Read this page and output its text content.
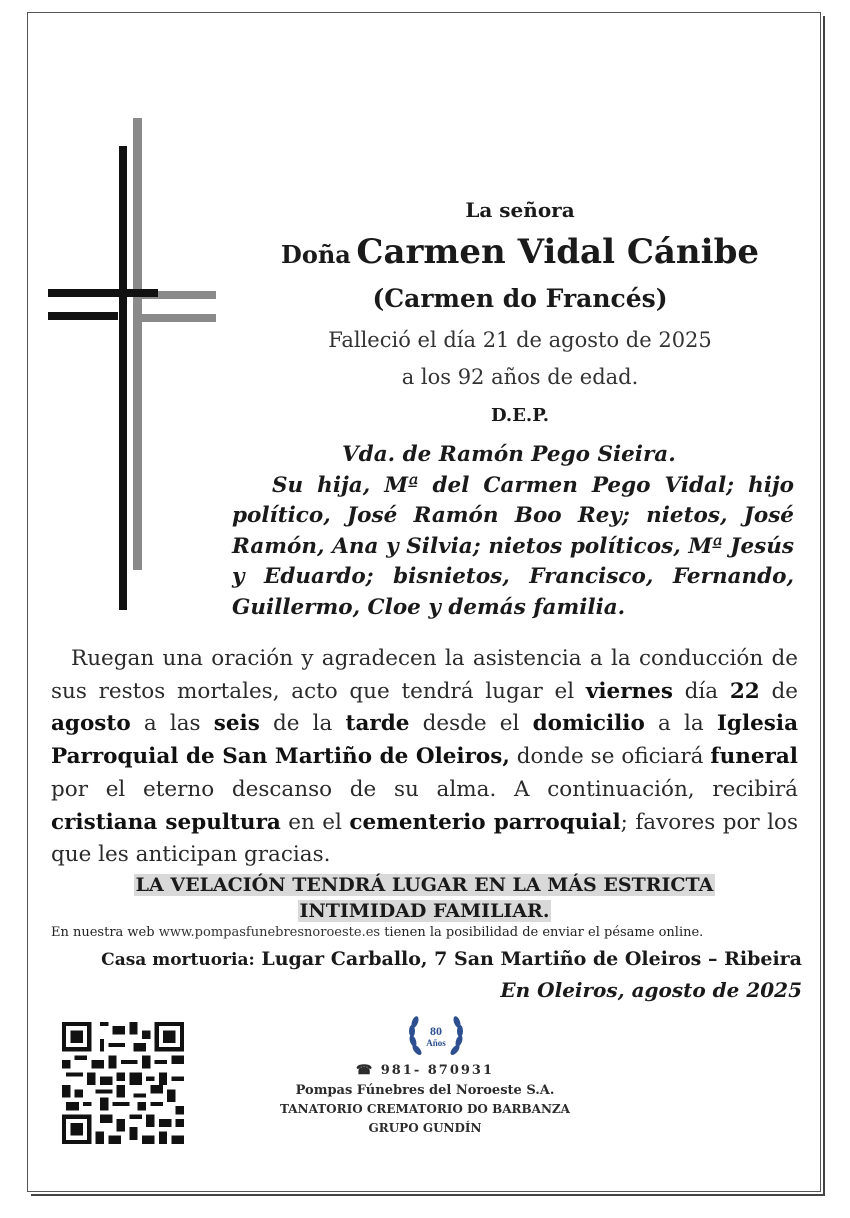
La señora
Doña Carmen Vidal Cánibe
(Carmen do Francés)
Falleció el día 21 de agosto de 2025
a los 92 años de edad.
D.E.P.
Vda. de Ramón Pego Sieira.
Su hija, Mª del Carmen Pego Vidal; hijo político, José Ramón Boo Rey; nietos, José Ramón, Ana y Silvia; nietos políticos, Mª Jesús y Eduardo; bisnietos, Francisco, Fernando, Guillermo, Cloe y demás familia.
Ruegan una oración y agradecen la asistencia a la conducción de sus restos mortales, acto que tendrá lugar el viernes día 22 de agosto a las seis de la tarde desde el domicilio a la Iglesia Parroquial de San Martiño de Oleiros, donde se oficiará funeral por el eterno descanso de su alma. A continuación, recibirá cristiana sepultura en el cementerio parroquial; favores por los que les anticipan gracias.
LA VELACIÓN TENDRÁ LUGAR EN LA MÁS ESTRICTA
INTIMIDAD FAMILIAR.
En nuestra web www.pompasfunebresnoroeste.es tienen la posibilidad de enviar el pésame online.
Casa mortuoria: Lugar Carballo, 7 San Martiño de Oleiros – Ribeira
En Oleiros, agosto de 2025
80
Años
☎ 981- 870931
Pompas Fúnebres del Noroeste S.A.
TANATORIO CREMATORIO DO BARBANZA
GRUPO GUNDÍN
